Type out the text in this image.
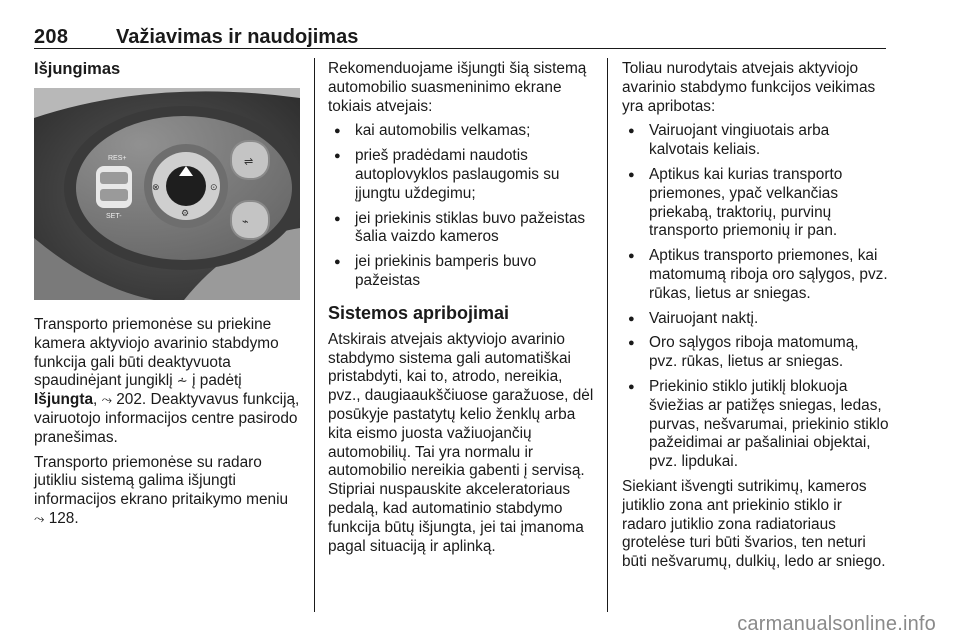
208 Važiavimas ir naudojimas
Išjungimas
RES+
SET-
⊗	⊙
⚙
⇌
⌁

Transporto priemonėse su priekine kamera aktyviojo avarinio stabdymo funkcija gali būti deaktyvuota spaudinėjant jungiklį ⩪ į padėtį Išjungta, ⤳ 202. Deaktyvavus funkciją, vairuotojo informacijos centre pasirodo pranešimas.

Transporto priemonėse su radaro jutikliu sistemą galima išjungti informacijos ekrano pritaikymo meniu ⤳ 128.

Rekomenduojame išjungti šią sistemą automobilio suasmeninimo ekrane tokiais atvejais:

● kai automobilis velkamas;
● prieš pradėdami naudotis autoplovyklos paslaugomis su įjungtu uždegimu;
● jei priekinis stiklas buvo pažeistas šalia vaizdo kameros
● jei priekinis bamperis buvo pažeistas
Sistemos apribojimai

Atskirais atvejais aktyviojo avarinio stabdymo sistema gali automatiškai pristabdyti, kai to, atrodo, nereikia, pvz., daugiaaukščiuose garažuose, dėl posūkyje pastatytų kelio ženklų arba kita eismo juosta važiuojančių automobilių. Tai yra normalu ir automobilio nereikia gabenti į servisą. Stipriai nuspauskite akceleratoriaus pedalą, kad automatinio stabdymo funkcija būtų išjungta, jei tai įmanoma pagal situaciją ir aplinką.

Toliau nurodytais atvejais aktyviojo avarinio stabdymo funkcijos veikimas yra apribotas:

● Vairuojant vingiuotais arba kalvotais keliais.
● Aptikus kai kurias transporto priemones, ypač velkančias priekabą, traktorių, purvinų transporto priemonių ir pan.
● Aptikus transporto priemones, kai matomumą riboja oro sąlygos, pvz. rūkas, lietus ar sniegas.
● Vairuojant naktį.
● Oro sąlygos riboja matomumą, pvz. rūkas, lietus ar sniegas.
● Priekinio stiklo jutiklį blokuoja šviežias ar patižęs sniegas, ledas, purvas, nešvarumai, priekinio stiklo pažeidimai ar pašaliniai objektai, pvz. lipdukai.

Siekiant išvengti sutrikimų, kameros jutiklio zona ant priekinio stiklo ir radaro jutiklio zona radiatoriaus grotelėse turi būti švarios, ten neturi būti nešvarumų, dulkių, ledo ar sniego.

carmanualsonline.info
